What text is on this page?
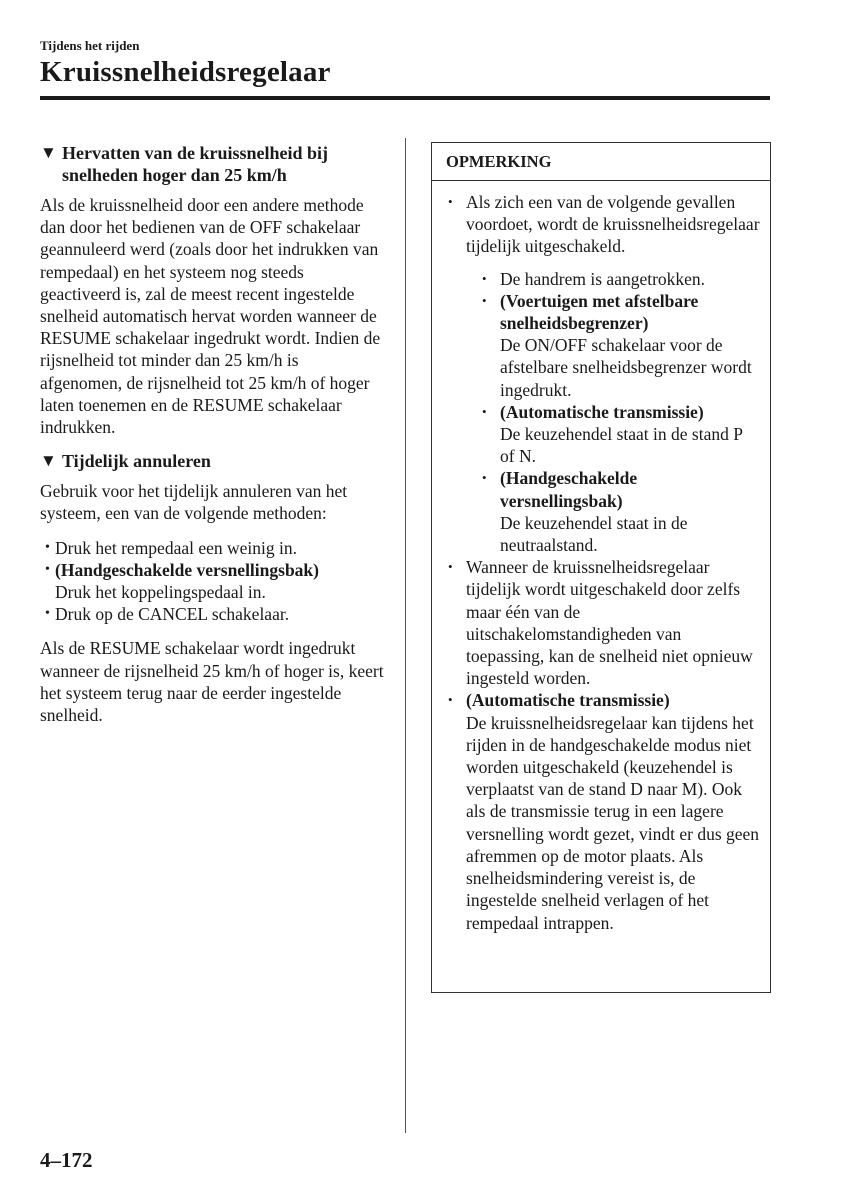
Tijdens het rijden
Kruissnelheidsregelaar
▼ Hervatten van de kruissnelheid bij snelheden hoger dan 25 km/h

Als de kruissnelheid door een andere methode dan door het bedienen van de OFF schakelaar geannuleerd werd (zoals door het indrukken van rempedaal) en het systeem nog steeds geactiveerd is, zal de meest recent ingestelde snelheid automatisch hervat worden wanneer de RESUME schakelaar ingedrukt wordt. Indien de rijsnelheid tot minder dan 25 km/h is afgenomen, de rijsnelheid tot 25 km/h of hoger laten toenemen en de RESUME schakelaar indrukken.

▼ Tijdelijk annuleren

Gebruik voor het tijdelijk annuleren van het systeem, een van de volgende methoden:

• Druk het rempedaal een weinig in.
• (Handgeschakelde versnellingsbak)
Druk het koppelingspedaal in.
• Druk op de CANCEL schakelaar.

Als de RESUME schakelaar wordt ingedrukt wanneer de rijsnelheid 25 km/h of hoger is, keert het systeem terug naar de eerder ingestelde snelheid.

OPMERKING
• Als zich een van de volgende gevallen voordoet, wordt de kruissnelheidsregelaar tijdelijk uitgeschakeld.
• De handrem is aangetrokken.
• (Voertuigen met afstelbare snelheidsbegrenzer)
De ON/OFF schakelaar voor de afstelbare snelheidsbegrenzer wordt ingedrukt.
• (Automatische transmissie)
De keuzehendel staat in de stand P of N.
• (Handgeschakelde versnellingsbak)
De keuzehendel staat in de neutraalstand.
• Wanneer de kruissnelheidsregelaar tijdelijk wordt uitgeschakeld door zelfs maar één van de uitschakelomstandigheden van toepassing, kan de snelheid niet opnieuw ingesteld worden.
• (Automatische transmissie)
De kruissnelheidsregelaar kan tijdens het rijden in de handgeschakelde modus niet worden uitgeschakeld (keuzehendel is verplaatst van de stand D naar M). Ook als de transmissie terug in een lagere versnelling wordt gezet, vindt er dus geen afremmen op de motor plaats. Als snelheidsmindering vereist is, de ingestelde snelheid verlagen of het rempedaal intrappen.
4–172
